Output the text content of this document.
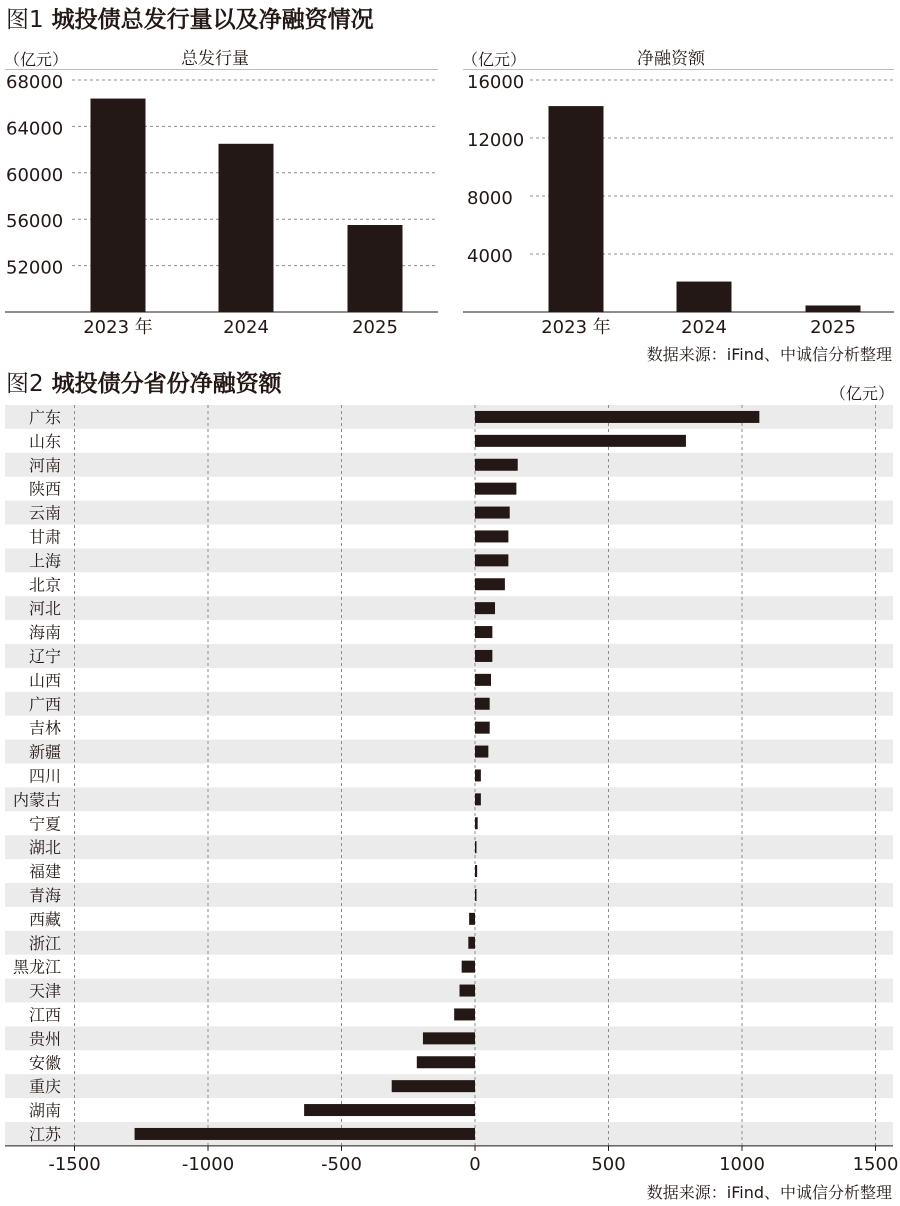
图1 城投债总发行量以及净融资情况
（亿元）	总发行量	（亿元）	净融资额
52000
56000
60000
64000
68000
2023 年	2024	2025
4000
8000
12000
16000
2023 年	2024	2025
数据来源：iFind、中诚信分析整理
图2 城投债分省份净融资额	（亿元）
-1500	-1000	-500	0	500	1000	1500
广东
山东
河南
陕西
云南
甘肃
上海
北京
河北
海南
辽宁
山西
广西
吉林
新疆
四川
内蒙古
宁夏
湖北
福建
青海
西藏
浙江
黑龙江
天津
江西
贵州
安徽
重庆
湖南
江苏
数据来源：iFind、中诚信分析整理
